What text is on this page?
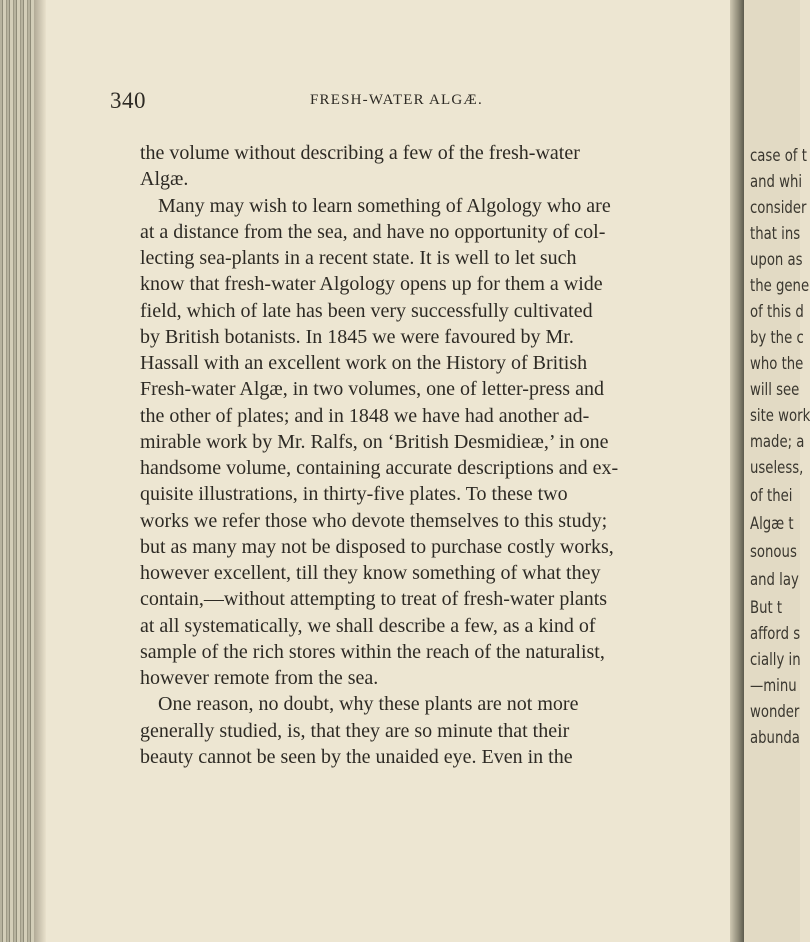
340	FRESH-WATER ALGÆ.
the volume without describing a few of the fresh-water
Algæ.
Many may wish to learn something of Algology who are
at a distance from the sea, and have no opportunity of col-
lecting sea-plants in a recent state. It is well to let such
know that fresh-water Algology opens up for them a wide
field, which of late has been very successfully cultivated
by British botanists. In 1845 we were favoured by Mr.
Hassall with an excellent work on the History of British
Fresh-water Algæ, in two volumes, one of letter-press and
the other of plates; and in 1848 we have had another ad-
mirable work by Mr. Ralfs, on ‘British Desmidieæ,’ in one
handsome volume, containing accurate descriptions and ex-
quisite illustrations, in thirty-five plates. To these two
works we refer those who devote themselves to this study;
but as many may not be disposed to purchase costly works,
however excellent, till they know something of what they
contain,—without attempting to treat of fresh-water plants
at all systematically, we shall describe a few, as a kind of
sample of the rich stores within the reach of the naturalist,
however remote from the sea.
One reason, no doubt, why these plants are not more
generally studied, is, that they are so minute that their
beauty cannot be seen by the unaided eye. Even in the
case of t
and whi
consider
that ins
upon as
the gene
of this d
by the c
who the
will see
site work
made; a
useless,
of thei
Algæ t
sonous
and lay
But t
afford s
cially in
—minu
wonder
abunda
